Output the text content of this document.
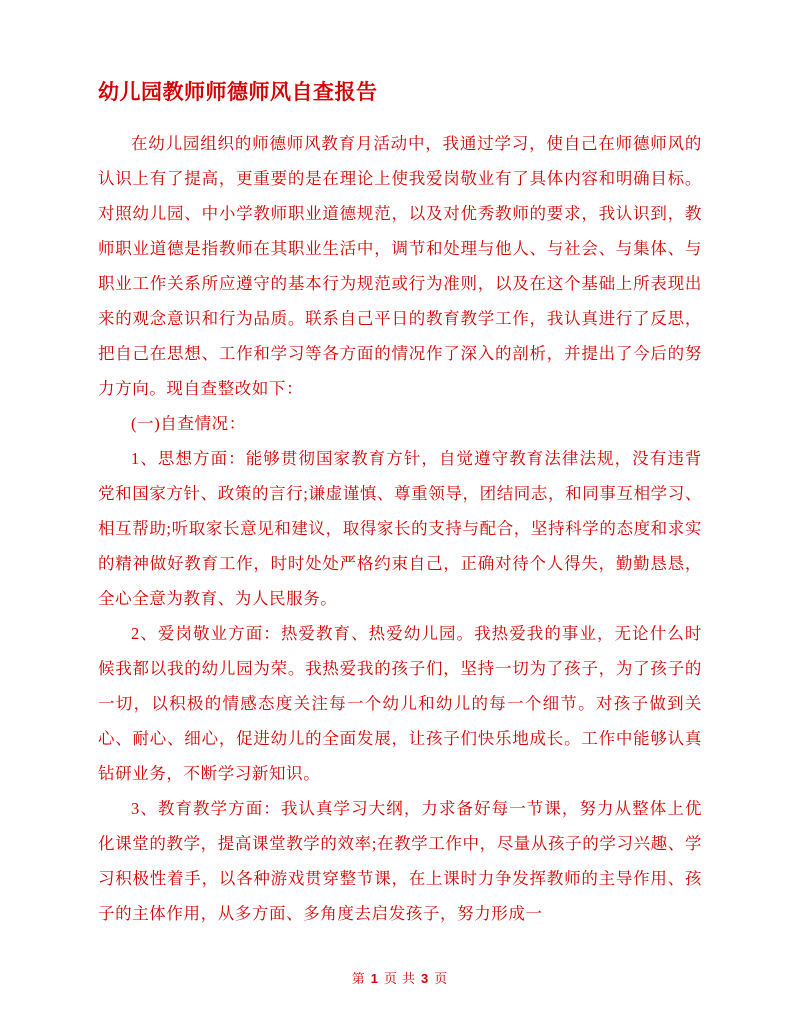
幼儿园教师师德师风自查报告

在幼儿园组织的师德师风教育月活动中，我通过学习，使自己在师德师风的认识上有了提高，更重要的是在理论上使我爱岗敬业有了具体内容和明确目标。对照幼儿园、中小学教师职业道德规范，以及对优秀教师的要求，我认识到，教师职业道德是指教师在其职业生活中，调节和处理与他人、与社会、与集体、与职业工作关系所应遵守的基本行为规范或行为准则，以及在这个基础上所表现出来的观念意识和行为品质。联系自己平日的教育教学工作，我认真进行了反思，把自己在思想、工作和学习等各方面的情况作了深入的剖析，并提出了今后的努力方向。现自查整改如下：

(一)自查情况：

1、思想方面：能够贯彻国家教育方针，自觉遵守教育法律法规，没有违背党和国家方针、政策的言行;谦虚谨慎、尊重领导，团结同志，和同事互相学习、相互帮助;听取家长意见和建议，取得家长的支持与配合，坚持科学的态度和求实的精神做好教育工作，时时处处严格约束自己，正确对待个人得失，勤勤恳恳，全心全意为教育、为人民服务。

2、爱岗敬业方面：热爱教育、热爱幼儿园。我热爱我的事业，无论什么时候我都以我的幼儿园为荣。我热爱我的孩子们，坚持一切为了孩子，为了孩子的一切，以积极的情感态度关注每一个幼儿和幼儿的每一个细节。对孩子做到关心、耐心、细心，促进幼儿的全面发展，让孩子们快乐地成长。工作中能够认真钻研业务，不断学习新知识。

3、教育教学方面：我认真学习大纲，力求备好每一节课，努力从整体上优化课堂的教学，提高课堂教学的效率;在教学工作中，尽量从孩子的学习兴趣、学习积极性着手，以各种游戏贯穿整节课，在上课时力争发挥教师的主导作用、孩子的主体作用，从多方面、多角度去启发孩子，努力形成一

第 1 页 共 3 页
